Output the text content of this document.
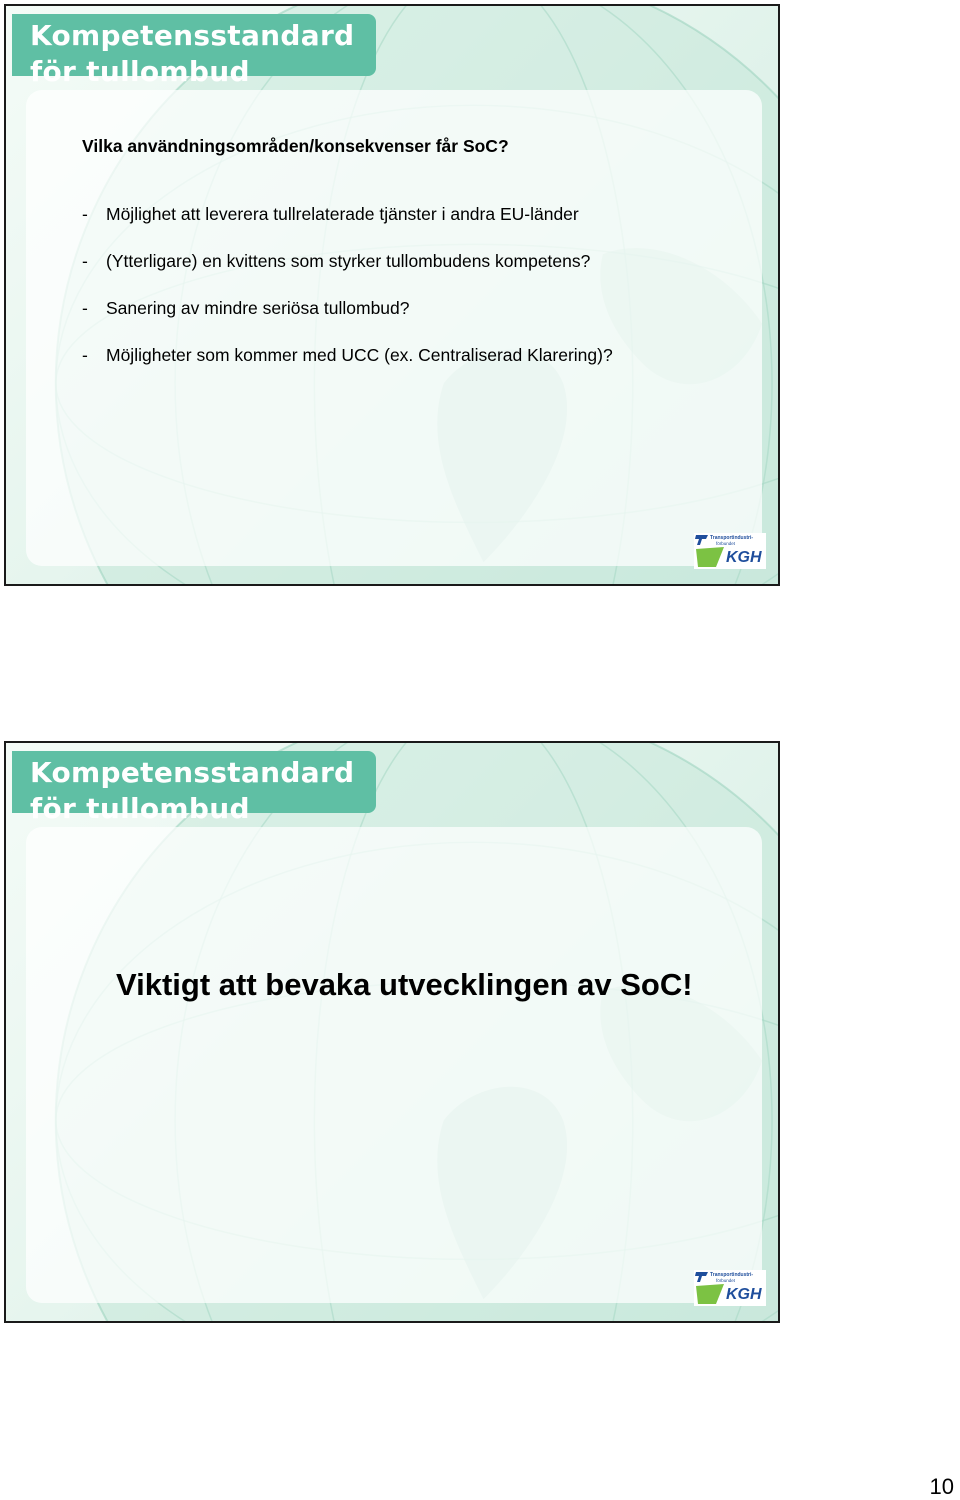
Kompetensstandard
för tullombud

Vilka användningsområden/konsekvenser får SoC?

- Möjlighet att leverera tullrelaterade tjänster i andra EU-länder
- (Ytterligare) en kvittens som styrker tullombudens kompetens?
- Sanering av mindre seriösa tullombud?
- Möjligheter som kommer med UCC (ex. Centraliserad Klarering)?
Transportindustri-
förbundet
KGH
Kompetensstandard
för tullombud

Viktigt att bevaka utvecklingen av SoC!

Transportindustri-
förbundet
KGH
10
